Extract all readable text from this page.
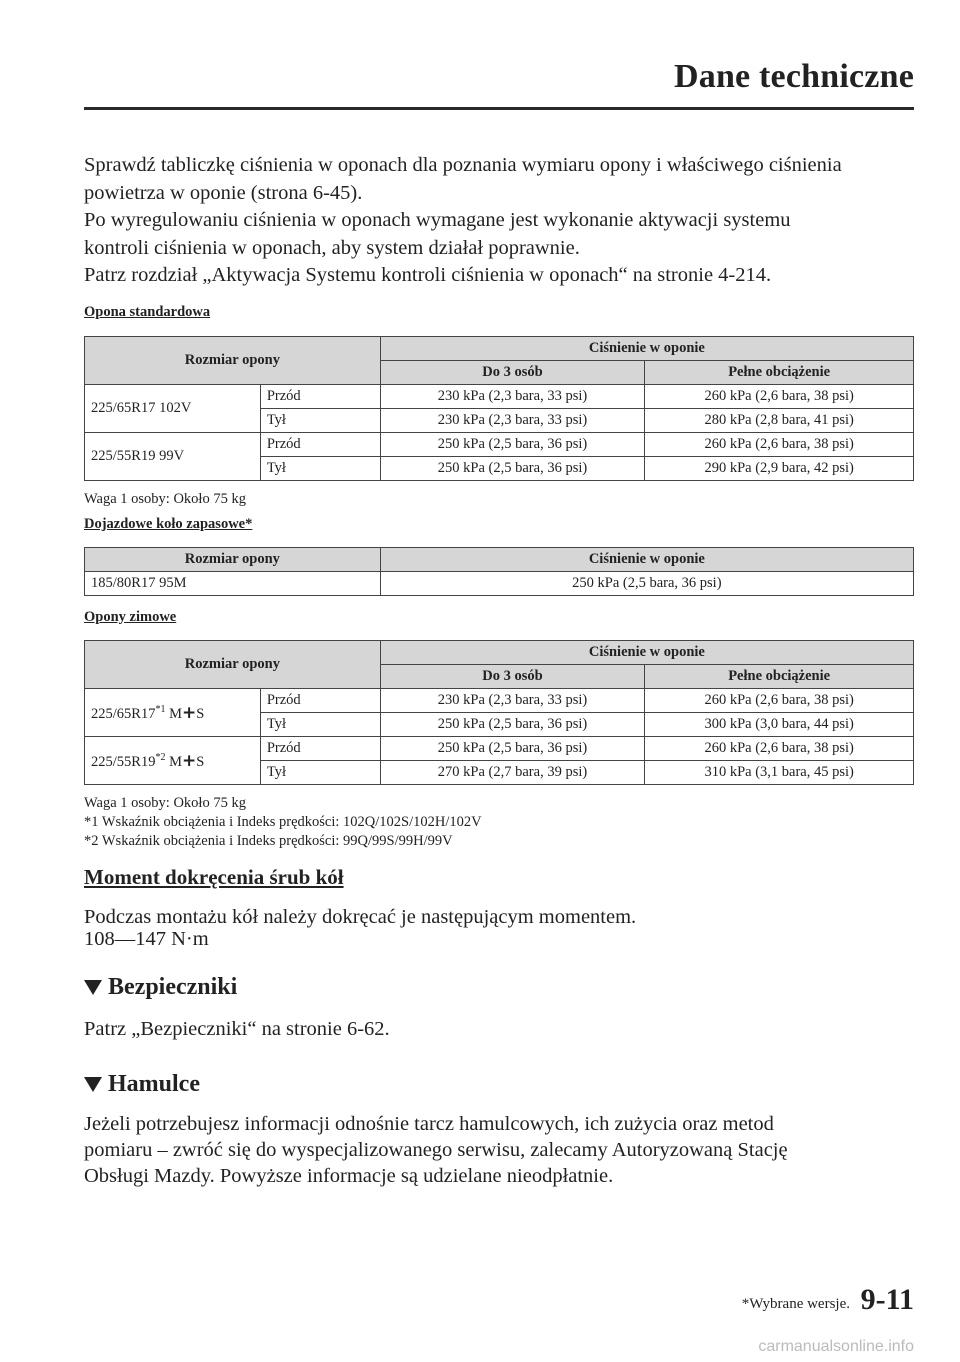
Dane techniczne

Sprawdź tabliczkę ciśnienia w oponach dla poznania wymiaru opony i właściwego ciśnienia

powietrza w oponie (strona 6-45).

Po wyregulowaniu ciśnienia w oponach wymagane jest wykonanie aktywacji systemu

kontroli ciśnienia w oponach, aby system działał poprawnie.

Patrz rozdział „Aktywacja Systemu kontroli ciśnienia w oponach“ na stronie 4-214.

Opona standardowa

Rozmiar opony		Ciśnienie w oponie	
		Do 3 osób	Pełne obciążenie
225/65R17 102V	Przód	230 kPa (2,3 bara, 33 psi)	260 kPa (2,6 bara, 38 psi)
	Tył	230 kPa (2,3 bara, 33 psi)	280 kPa (2,8 bara, 41 psi)
225/55R19 99V	Przód	250 kPa (2,5 bara, 36 psi)	260 kPa (2,6 bara, 38 psi)
	Tył	250 kPa (2,5 bara, 36 psi)	290 kPa (2,9 bara, 42 psi)

Waga 1 osoby: Około 75 kg

Dojazdowe koło zapasowe*

Rozmiar opony	Ciśnienie w oponie
185/80R17 95M	250 kPa (2,5 bara, 36 psi)

Opony zimowe

Rozmiar opony		Ciśnienie w oponie	
		Do 3 osób	Pełne obciążenie
225/65R17$^{*1}$ M+S	Przód	230 kPa (2,3 bara, 33 psi)	260 kPa (2,6 bara, 38 psi)
	Tył	250 kPa (2,5 bara, 36 psi)	300 kPa (3,0 bara, 44 psi)
225/55R19$^{*2}$ M+S	Przód	250 kPa (2,5 bara, 36 psi)	260 kPa (2,6 bara, 38 psi)
	Tył	270 kPa (2,7 bara, 39 psi)	310 kPa (3,1 bara, 45 psi)

Waga 1 osoby: Około 75 kg

*1 Wskaźnik obciążenia i Indeks prędkości: 102Q/102S/102H/102V

*2 Wskaźnik obciążenia i Indeks prędkości: 99Q/99S/99H/99V

Moment dokręcenia śrub kół

Podczas montażu kół należy dokręcać je następującym momentem.

108—147 N·m

Bezpieczniki

Patrz „Bezpieczniki“ na stronie 6-62.

Hamulce

Jeżeli potrzebujesz informacji odnośnie tarcz hamulcowych, ich zużycia oraz metod

pomiaru – zwróć się do wyspecjalizowanego serwisu, zalecamy Autoryzowaną Stację

Obsługi Mazdy. Powyższe informacje są udzielane nieodpłatnie.

*Wybrane wersje. 9-11
carmanualsonline.info
